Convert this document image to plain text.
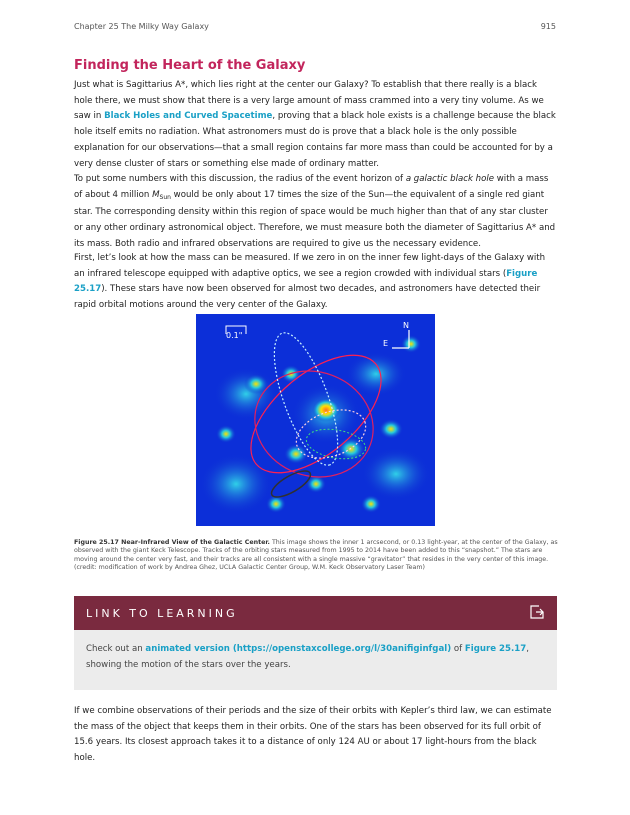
Chapter 25 The Milky Way Galaxy	915
Finding the Heart of the Galaxy

Just what is Sagittarius A*, which lies right at the center our Galaxy? To establish that there really is a black hole there, we must show that there is a very large amount of mass crammed into a very tiny volume. As we saw in Black Holes and Curved Spacetime, proving that a black hole exists is a challenge because the black hole itself emits no radiation. What astronomers must do is prove that a black hole is the only possible explanation for our observations—that a small region contains far more mass than could be accounted for by a very dense cluster of stars or something else made of ordinary matter.

To put some numbers with this discussion, the radius of the event horizon of a galactic black hole with a mass of about 4 million $M_{Sun}$ would be only about 17 times the size of the Sun—the equivalent of a single red giant star. The corresponding density within this region of space would be much higher than that of any star cluster or any other ordinary astronomical object. Therefore, we must measure both the diameter of Sagittarius A* and its mass. Both radio and infrared observations are required to give us the necessary evidence.

First, let’s look at how the mass can be measured. If we zero in on the inner few light-days of the Galaxy with an infrared telescope equipped with adaptive optics, we see a region crowded with individual stars (Figure 25.17). These stars have now been observed for almost two decades, and astronomers have detected their rapid orbital motions around the very center of the Galaxy.

0.1"
N
E

Figure 25.17 Near-Infrared View of the Galactic Center. This image shows the inner 1 arcsecond, or 0.13 light-year, at the center of the Galaxy, as observed with the giant Keck Telescope. Tracks of the orbiting stars measured from 1995 to 2014 have been added to this “snapshot.” The stars are moving around the center very fast, and their tracks are all consistent with a single massive “gravitator” that resides in the very center of this image. (credit: modification of work by Andrea Ghez, UCLA Galactic Center Group, W.M. Keck Observatory Laser Team)

LINK TO LEARNING

Check out an animated version (https://openstaxcollege.org/l/30anifiginfgal) of Figure 25.17, showing the motion of the stars over the years.

If we combine observations of their periods and the size of their orbits with Kepler’s third law, we can estimate the mass of the object that keeps them in their orbits. One of the stars has been observed for its full orbit of 15.6 years. Its closest approach takes it to a distance of only 124 AU or about 17 light-hours from the black hole.
